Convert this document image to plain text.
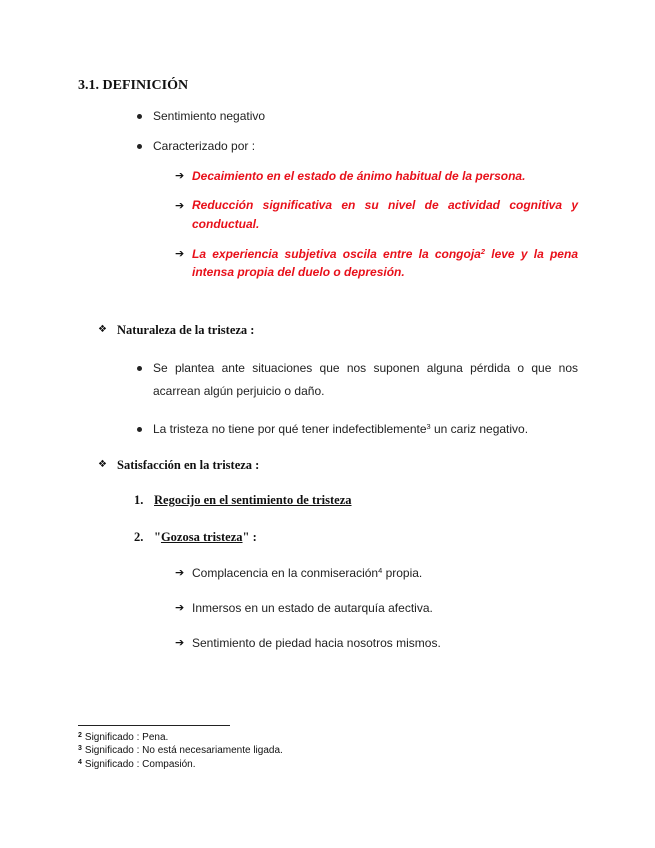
3.1. DEFINICIÓN
Sentimiento negativo
Caracterizado por :
➔

Decaimiento en el estado de ánimo habitual de la persona.

➔

Reducción significativa en su nivel de actividad cognitiva y conductual.

➔

La experiencia subjetiva oscila entre la congoja$^2$ leve y la pena intensa propia del duelo o depresión.

❖
Naturaleza de la tristeza :
Se plantea ante situaciones que nos suponen alguna pérdida o que nos acarrean algún perjuicio o daño.
La tristeza no tiene por qué tener indefectiblemente$^3$ un cariz negativo.
❖
Satisfacción en la tristeza :
1. Regocijo en el sentimiento de tristeza
2. "Gozosa tristeza" :
➔

Complacencia en la conmiseración$^4$ propia.

➔

Inmersos en un estado de autarquía afectiva.

➔

Sentimiento de piedad hacia nosotros mismos.

$^2$ Significado : Pena.
$^3$ Significado : No está necesariamente ligada.
$^4$ Significado : Compasión.
